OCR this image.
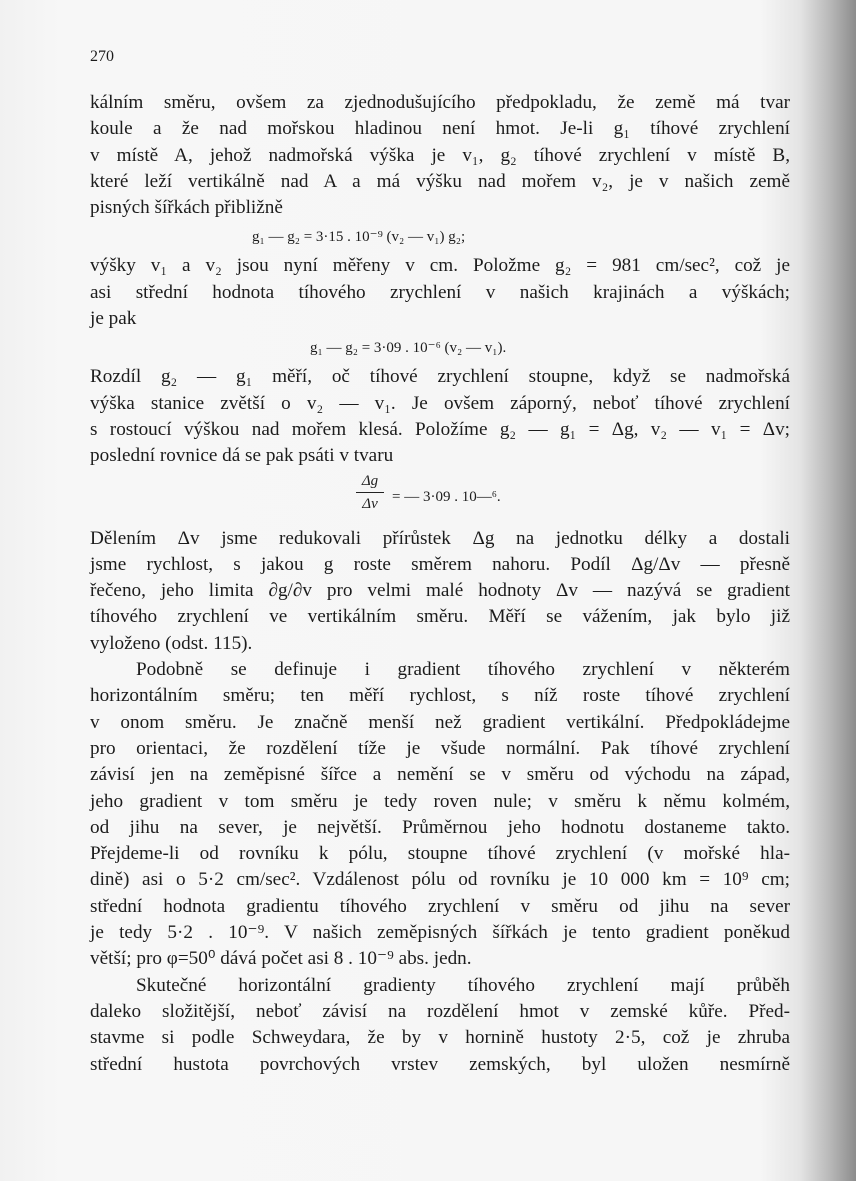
270
kálním směru, ovšem za zjednodušujícího předpokladu, že země má tvar
koule a že nad mořskou hladinou není hmot. Je-li g₁ tíhové zrychlení
v místě A, jehož nadmořská výška je v₁, g₂ tíhové zrychlení v místě B,
které leží vertikálně nad A a má výšku nad mořem v₂, je v našich země
pisných šířkách přibližně
g₁ — g₂ = 3·15 . 10⁻⁹ (v₂ — v₁) g₂;
výšky v₁ a v₂ jsou nyní měřeny v cm. Položme g₂ = 981 cm/sec², což je
asi střední hodnota tíhového zrychlení v našich krajinách a výškách;
je pak
g₁ — g₂ = 3·09 . 10⁻⁶ (v₂ — v₁).
Rozdíl g₂ — g₁ měří, oč tíhové zrychlení stoupne, když se nadmořská
výška stanice zvětší o v₂ — v₁. Je ovšem záporný, neboť tíhové zrychlení
s rostoucí výškou nad mořem klesá. Položíme g₂ — g₁ = Δg, v₂ — v₁ = Δv;
poslední rovnice dá se pak psáti v tvaru
$\frac{\Delta g}{\Delta v}$ = — 3·09 . 10—⁶.
Dělením Δv jsme redukovali přírůstek Δg na jednotku délky a dostali
jsme rychlost, s jakou g roste směrem nahoru. Podíl Δg/Δv — přesně
řečeno, jeho limita ∂g/∂v pro velmi malé hodnoty Δv — nazývá se gradient
tíhového zrychlení ve vertikálním směru. Měří se vážením, jak bylo již
vyloženo (odst. 115).
Podobně se definuje i gradient tíhového zrychlení v některém
horizontálním směru; ten měří rychlost, s níž roste tíhové zrychlení
v onom směru. Je značně menší než gradient vertikální. Předpokládejme
pro orientaci, že rozdělení tíže je všude normální. Pak tíhové zrychlení
závisí jen na zeměpisné šířce a nemění se v směru od východu na západ,
jeho gradient v tom směru je tedy roven nule; v směru k němu kolmém,
od jihu na sever, je největší. Průměrnou jeho hodnotu dostaneme takto.
Přejdeme-li od rovníku k pólu, stoupne tíhové zrychlení (v mořské hla-
dině) asi o 5·2 cm/sec². Vzdálenost pólu od rovníku je 10 000 km = 10⁹ cm;
střední hodnota gradientu tíhového zrychlení v směru od jihu na sever
je tedy 5·2 . 10⁻⁹. V našich zeměpisných šířkách je tento gradient poněkud
větší; pro φ=50⁰ dává počet asi 8 . 10⁻⁹ abs. jedn.
Skutečné horizontální gradienty tíhového zrychlení mají průběh
daleko složitější, neboť závisí na rozdělení hmot v zemské kůře. Před-
stavme si podle Schweydara, že by v hornině hustoty 2·5, což je zhruba
střední hustota povrchových vrstev zemských, byl uložen nesmírně
